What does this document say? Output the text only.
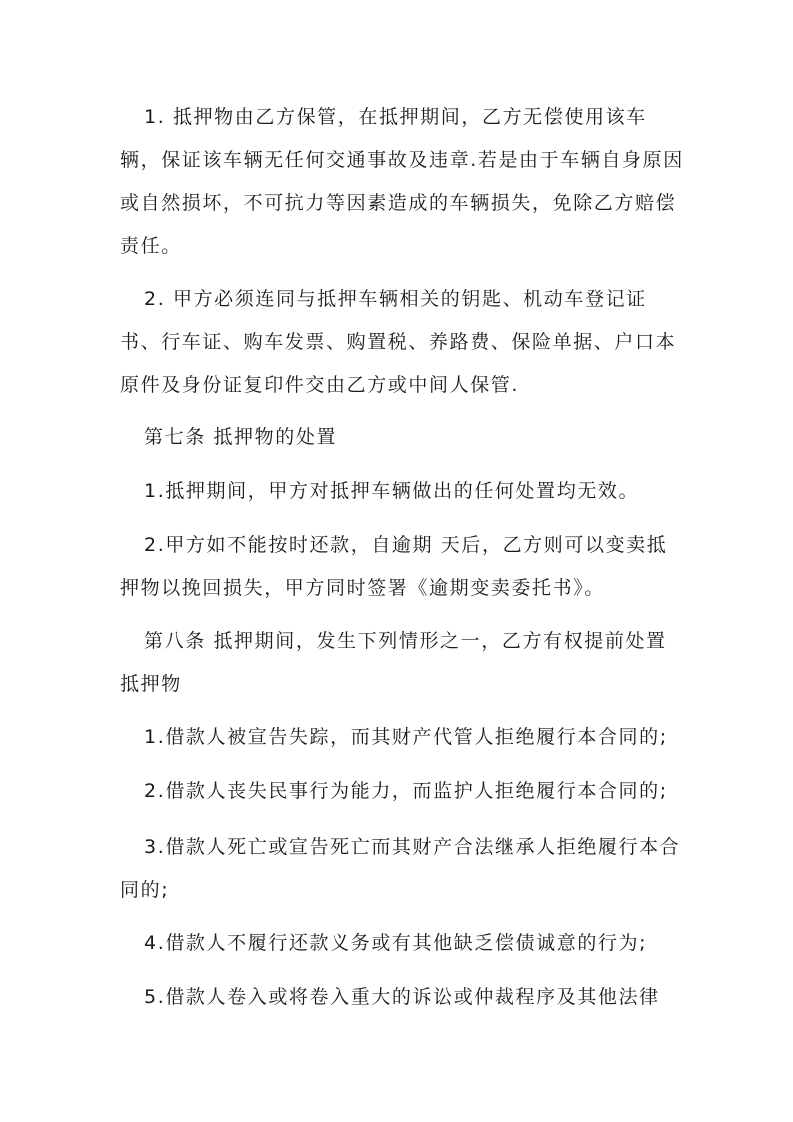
1. 抵押物由乙方保管，在抵押期间，乙方无偿使用该车辆，保证该车辆无任何交通事故及违章.若是由于车辆自身原因或自然损坏，不可抗力等因素造成的车辆损失，免除乙方赔偿责任。

2. 甲方必须连同与抵押车辆相关的钥匙、机动车登记证书、行车证、购车发票、购置税、养路费、保险单据、户口本原件及身份证复印件交由乙方或中间人保管.

第七条 抵押物的处置

1.抵押期间，甲方对抵押车辆做出的任何处置均无效。

2.甲方如不能按时还款，自逾期 天后，乙方则可以变卖抵押物以挽回损失，甲方同时签署《逾期变卖委托书》。

第八条 抵押期间，发生下列情形之一，乙方有权提前处置抵押物

1.借款人被宣告失踪，而其财产代管人拒绝履行本合同的;

2.借款人丧失民事行为能力，而监护人拒绝履行本合同的;

3.借款人死亡或宣告死亡而其财产合法继承人拒绝履行本合同的;

4.借款人不履行还款义务或有其他缺乏偿债诚意的行为;

5.借款人卷入或将卷入重大的诉讼或仲裁程序及其他法律
